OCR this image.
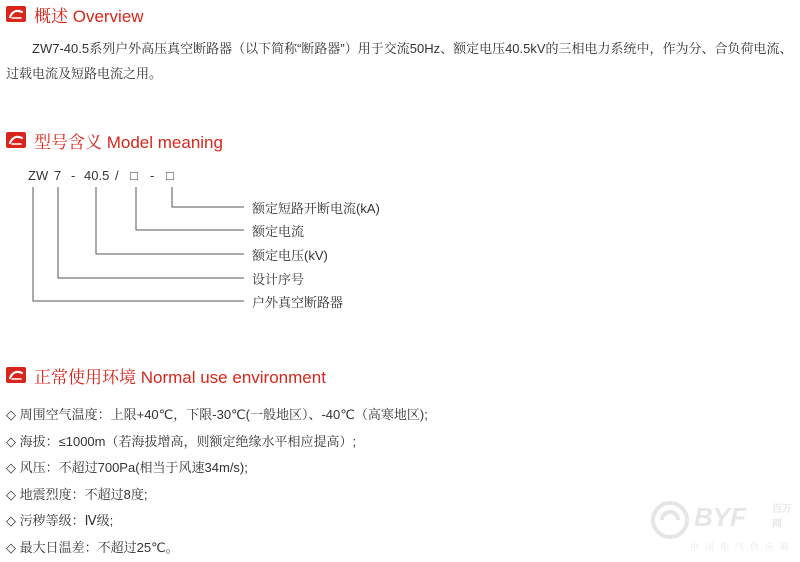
概述 Overview

ZW7-40.5系列户外高压真空断路器（以下简称“断路器”）用于交流50Hz、额定电压40.5kV的三相电力系统中，作为分、合负荷电流、过载电流及短路电流之用。

型号含义 Model meaning
ZW 7 - 40.5 / □ - □
额定短路开断电流(kA)
额定电流
额定电压(kV)
设计序号
户外真空断路器
正常使用环境 Normal use environment
◇ 周围空气温度：上限+40℃，下限-30℃(一般地区）、-40℃（高寒地区);
◇ 海拔：≤1000m（若海拔增高，则额定绝缘水平相应提高）;
◇ 风压：不超过700Pa(相当于风速34m/s);
◇ 地震烈度：不超过8度;
◇ 污秽等级：Ⅳ级;
◇ 最大日温差：不超过25℃。
BYF	百万网
中国电气供应商
